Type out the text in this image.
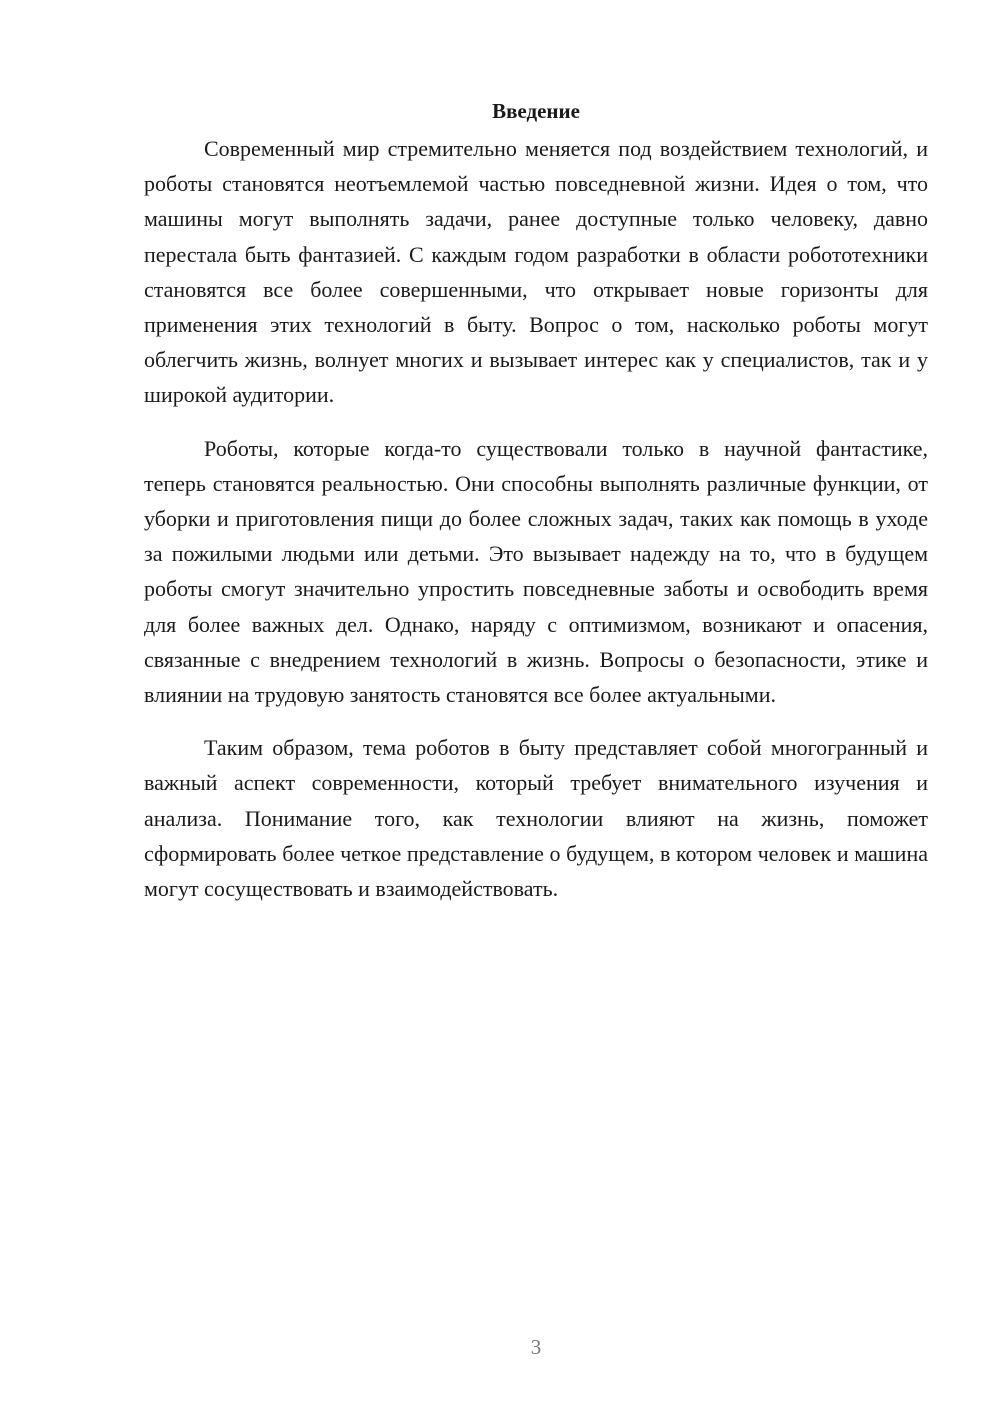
Введение

Современный мир стремительно меняется под воздействием технологий, и роботы становятся неотъемлемой частью повседневной жизни. Идея о том, что машины могут выполнять задачи, ранее доступные только человеку, давно перестала быть фантазией. С каждым годом разработки в области робототехники становятся все более совершенными, что открывает новые горизонты для применения этих технологий в быту. Вопрос о том, насколько роботы могут облегчить жизнь, волнует многих и вызывает интерес как у специалистов, так и у широкой аудитории.

Роботы, которые когда-то существовали только в научной фантастике, теперь становятся реальностью. Они способны выполнять различные функции, от уборки и приготовления пищи до более сложных задач, таких как помощь в уходе за пожилыми людьми или детьми. Это вызывает надежду на то, что в будущем роботы смогут значительно упростить повседневные заботы и освободить время для более важных дел. Однако, наряду с оптимизмом, возникают и опасения, связанные с внедрением технологий в жизнь. Вопросы о безопасности, этике и влиянии на трудовую занятость становятся все более актуальными.

Таким образом, тема роботов в быту представляет собой многогранный и важный аспект современности, который требует внимательного изучения и анализа. Понимание того, как технологии влияют на жизнь, поможет сформировать более четкое представление о будущем, в котором человек и машина могут сосуществовать и взаимодействовать.

3
